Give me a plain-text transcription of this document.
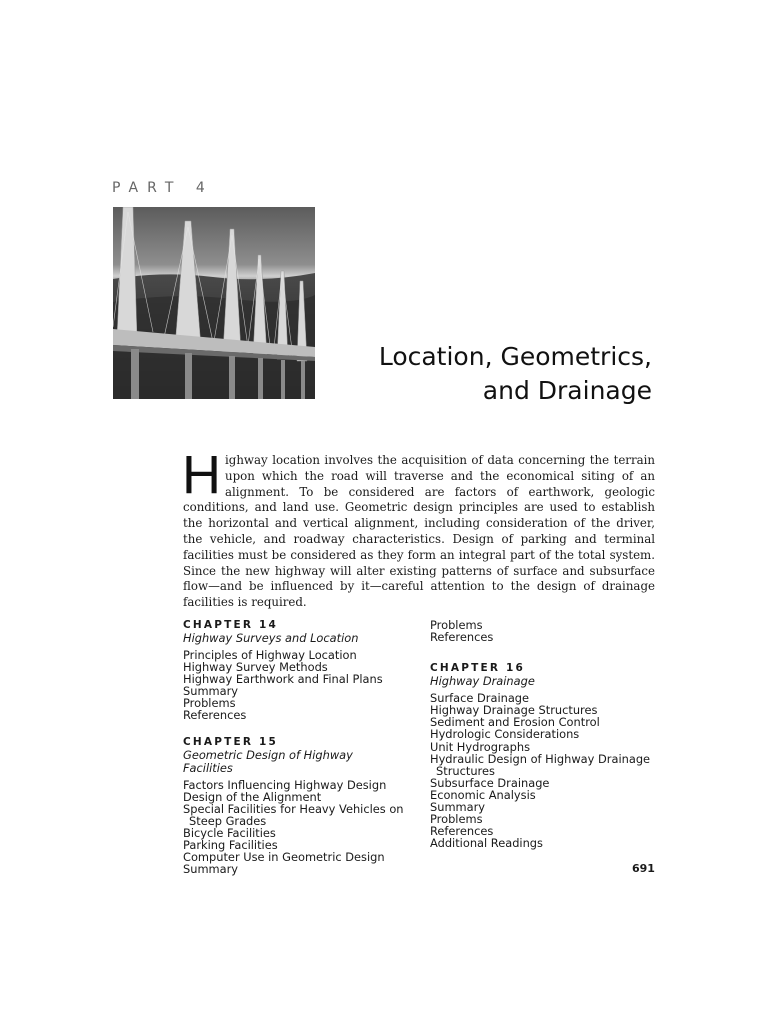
PART 4
Location, Geometrics,
and Drainage
Highway location involves the acquisition of data concerning the terrain upon which the road will traverse and the economical siting of an alignment. To be considered are factors of earthwork, geologic conditions, and land use. Geometric design principles are used to establish the horizontal and vertical alignment, including consideration of the driver, the vehicle, and roadway characteristics. Design of parking and terminal facilities must be considered as they form an integral part of the total system. Since the new highway will alter existing patterns of surface and subsurface flow—and be influenced by it—careful attention to the design of drainage facilities is required.
CHAPTER 14
Highway Surveys and Location
Principles of Highway Location
Highway Survey Methods
Highway Earthwork and Final Plans
Summary
Problems
References
CHAPTER 15
Geometric Design of Highway Facilities
Factors Influencing Highway Design
Design of the Alignment
Special Facilities for Heavy Vehicles on
Steep Grades
Bicycle Facilities
Parking Facilities
Computer Use in Geometric Design
Summary
Problems
References
CHAPTER 16
Highway Drainage
Surface Drainage
Highway Drainage Structures
Sediment and Erosion Control
Hydrologic Considerations
Unit Hydrographs
Hydraulic Design of Highway Drainage
Structures
Subsurface Drainage
Economic Analysis
Summary
Problems
References
Additional Readings
691
